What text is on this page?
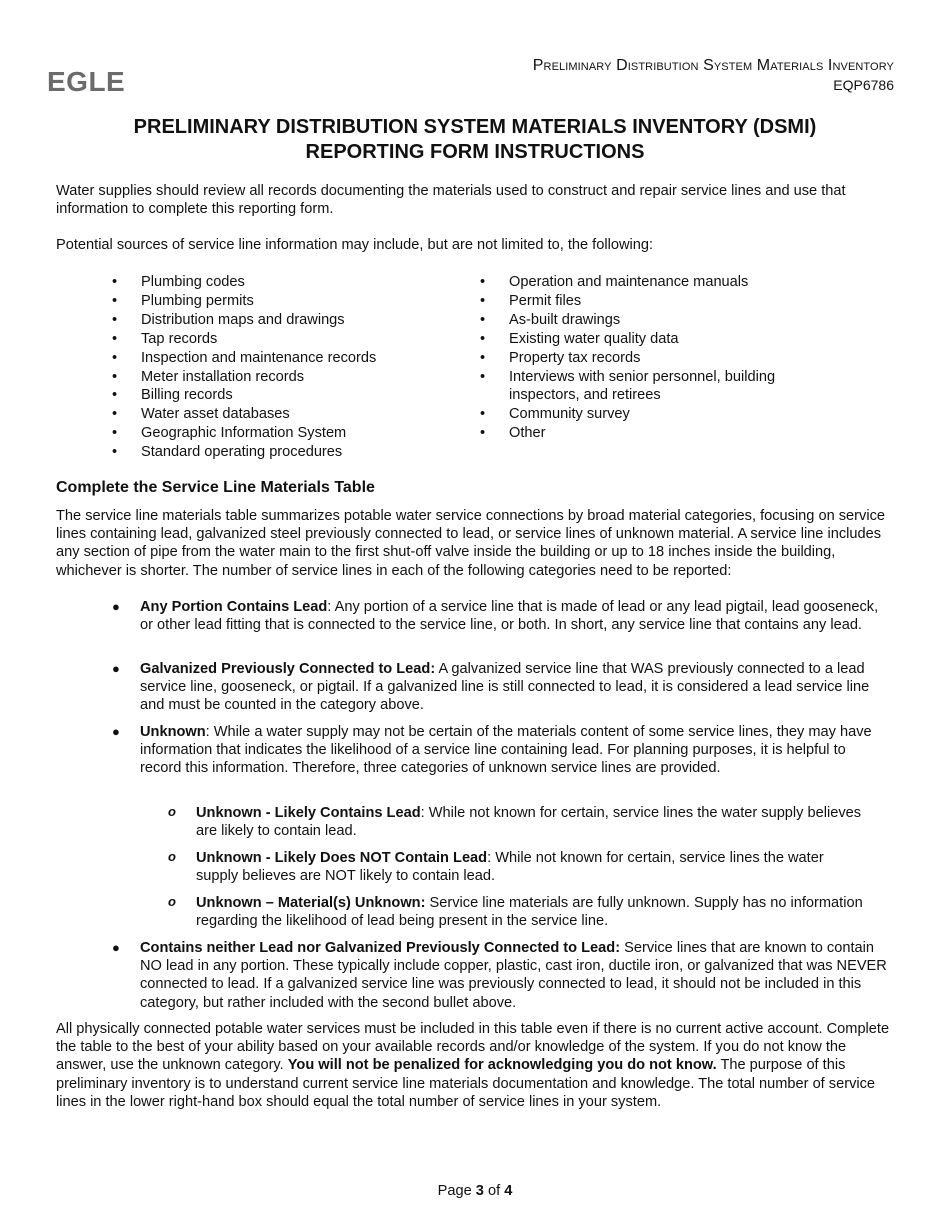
EGLE
Preliminary Distribution System Materials Inventory
EQP6786
PRELIMINARY DISTRIBUTION SYSTEM MATERIALS INVENTORY (DSMI)
REPORTING FORM INSTRUCTIONS

Water supplies should review all records documenting the materials used to construct and repair service lines and use that information to complete this reporting form.

Potential sources of service line information may include, but are not limited to, the following:

• Plumbing codes
• Plumbing permits
• Distribution maps and drawings
• Tap records
• Inspection and maintenance records
• Meter installation records
• Billing records
• Water asset databases
• Geographic Information System
• Standard operating procedures
• Operation and maintenance manuals
• Permit files
• As-built drawings
• Existing water quality data
• Property tax records
• Interviews with senior personnel, building inspectors, and retirees
• Community survey
• Other
Complete the Service Line Materials Table

The service line materials table summarizes potable water service connections by broad material categories, focusing on service lines containing lead, galvanized steel previously connected to lead, or service lines of unknown material. A service line includes any section of pipe from the water main to the first shut-off valve inside the building or up to 18 inches inside the building, whichever is shorter. The number of service lines in each of the following categories need to be reported:

● Any Portion Contains Lead: Any portion of a service line that is made of lead or any lead pigtail, lead gooseneck, or other lead fitting that is connected to the service line, or both. In short, any service line that contains any lead.
● Galvanized Previously Connected to Lead: A galvanized service line that WAS previously connected to a lead service line, gooseneck, or pigtail. If a galvanized line is still connected to lead, it is considered a lead service line and must be counted in the category above.
● Unknown: While a water supply may not be certain of the materials content of some service lines, they may have information that indicates the likelihood of a service line containing lead. For planning purposes, it is helpful to record this information. Therefore, three categories of unknown service lines are provided.
o Unknown - Likely Contains Lead: While not known for certain, service lines the water supply believes are likely to contain lead.
o Unknown - Likely Does NOT Contain Lead: While not known for certain, service lines the water supply believes are NOT likely to contain lead.
o Unknown – Material(s) Unknown: Service line materials are fully unknown. Supply has no information regarding the likelihood of lead being present in the service line.
● Contains neither Lead nor Galvanized Previously Connected to Lead: Service lines that are known to contain NO lead in any portion. These typically include copper, plastic, cast iron, ductile iron, or galvanized that was NEVER connected to lead. If a galvanized service line was previously connected to lead, it should not be included in this category, but rather included with the second bullet above.

All physically connected potable water services must be included in this table even if there is no current active account. Complete the table to the best of your ability based on your available records and/or knowledge of the system. If you do not know the answer, use the unknown category. You will not be penalized for acknowledging you do not know. The purpose of this preliminary inventory is to understand current service line materials documentation and knowledge. The total number of service lines in the lower right-hand box should equal the total number of service lines in your system.

Page 3 of 4
